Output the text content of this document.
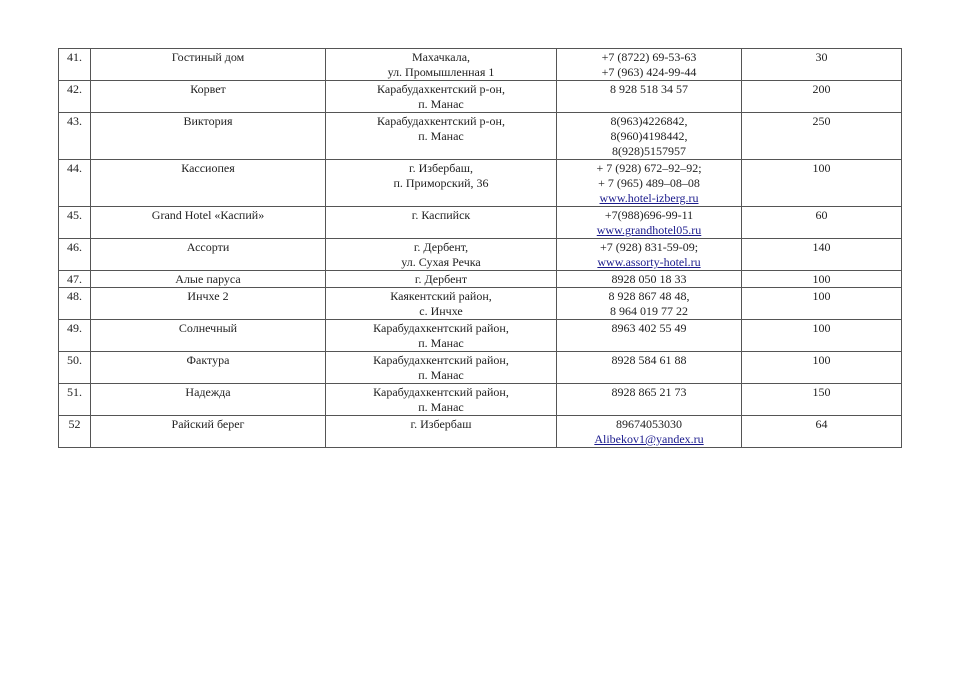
41.	Гостиный дом	Махачкала,
ул. Промышленная 1	+7 (8722) 69-53-63
+7 (963) 424-99-44	30
42.	Корвет	Карабудахкентский р-он,
п. Манас	8 928 518 34 57	200
43.	Виктория	Карабудахкентский р-он,
п. Манас	8(963)4226842,
8(960)4198442,
8(928)5157957	250
44.	Кассиопея	г. Избербаш,
п. Приморский, 36	+ 7 (928) 672–92–92;
+ 7 (965) 489–08–08
www.hotel-izberg.ru	100
45.	Grand Hotel «Каспий»	г. Каспийск	+7(988)696-99-11
www.grandhotel05.ru	60
46.	Ассорти	г. Дербент,
ул. Сухая Речка	+7 (928) 831-59-09;
www.assorty-hotel.ru	140
47.	Алые паруса	г. Дербент	8928 050 18 33	100
48.	Инчхе 2	Каякентский район,
с. Инчхе	8 928 867 48 48,
8 964 019 77 22	100
49.	Солнечный	Карабудахкентский район,
п. Манас	8963 402 55 49	100
50.	Фактура	Карабудахкентский район,
п. Манас	8928 584 61 88	100
51.	Надежда	Карабудахкентский район,
п. Манас	8928 865 21 73	150
52	Райский берег	г. Избербаш	89674053030
Alibekov1@yandex.ru	64
